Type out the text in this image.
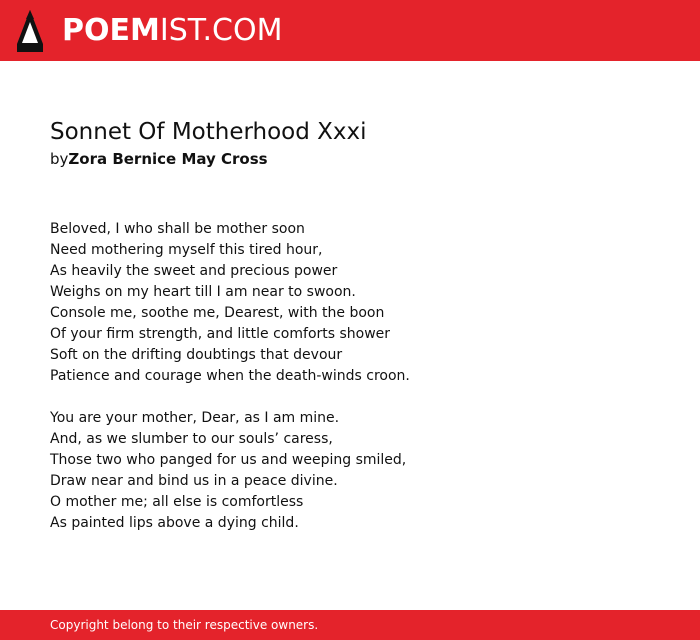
POEMIST.COM
Sonnet Of Motherhood Xxxi
byZora Bernice May Cross
Beloved, I who shall be mother soon
Need mothering myself this tired hour,
As heavily the sweet and precious power
Weighs on my heart till I am near to swoon.
Console me, soothe me, Dearest, with the boon
Of your firm strength, and little comforts shower
Soft on the drifting doubtings that devour
Patience and courage when the death-winds croon.
You are your mother, Dear, as I am mine.
And, as we slumber to our souls’ caress,
Those two who panged for us and weeping smiled,
Draw near and bind us in a peace divine.
O mother me; all else is comfortless
As painted lips above a dying child.
Copyright belong to their respective owners.
